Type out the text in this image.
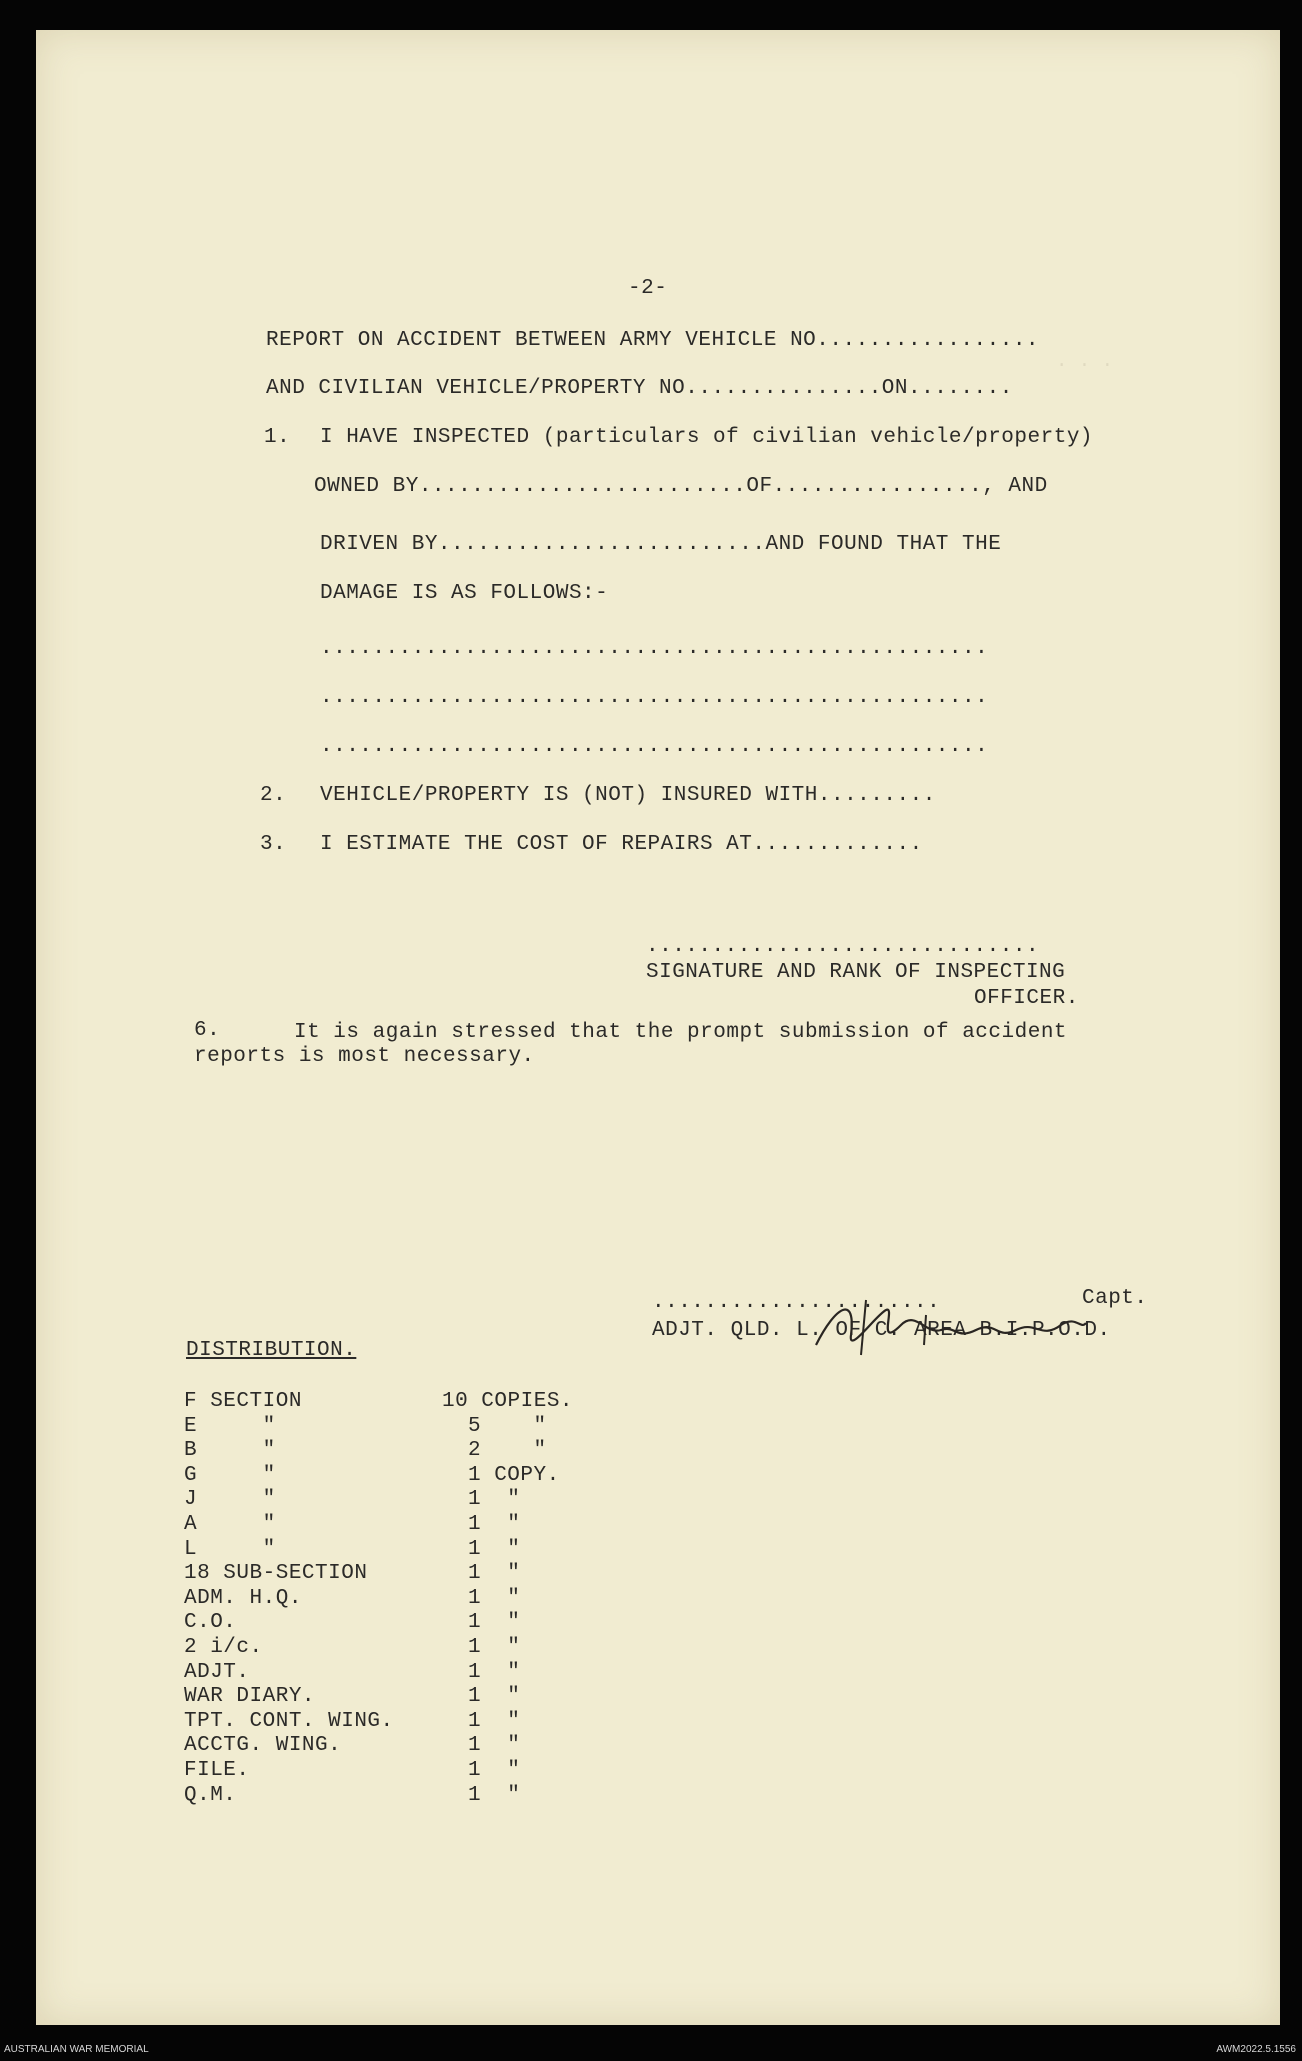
. . .
-2-
REPORT ON ACCIDENT BETWEEN ARMY VEHICLE NO.................
AND CIVILIAN VEHICLE/PROPERTY NO...............ON........
1. I HAVE INSPECTED (particulars of civilian vehicle/property)
OWNED BY.........................OF................, AND
DRIVEN BY.........................AND FOUND THAT THE
DAMAGE IS AS FOLLOWS:-
...................................................
...................................................
...................................................
2. VEHICLE/PROPERTY IS (NOT) INSURED WITH.........
3. I ESTIMATE THE COST OF REPAIRS AT.............
..............................
SIGNATURE AND RANK OF INSPECTING
OFFICER.
6.	It is again stressed that the prompt submission of accident
reports is most necessary.
......................	Capt.
ADJT. QLD. L. OF C. AREA B.I.P.O.D.
DISTRIBUTION.
F SECTION	10 COPIES.
E     "	5    "
B     "	2    "
G     "	1 COPY.
J     "	1  "
A     "	1  "
L     "	1  "
18 SUB-SECTION	1  "
ADM. H.Q.	1  "
C.O.	1  "
2 i/c.	1  "
ADJT.	1  "
WAR DIARY.	1  "
TPT. CONT. WING.	1  "
ACCTG. WING.	1  "
FILE.	1  "
Q.M.	1  "
AUSTRALIAN WAR MEMORIAL	AWM2022.5.1556
